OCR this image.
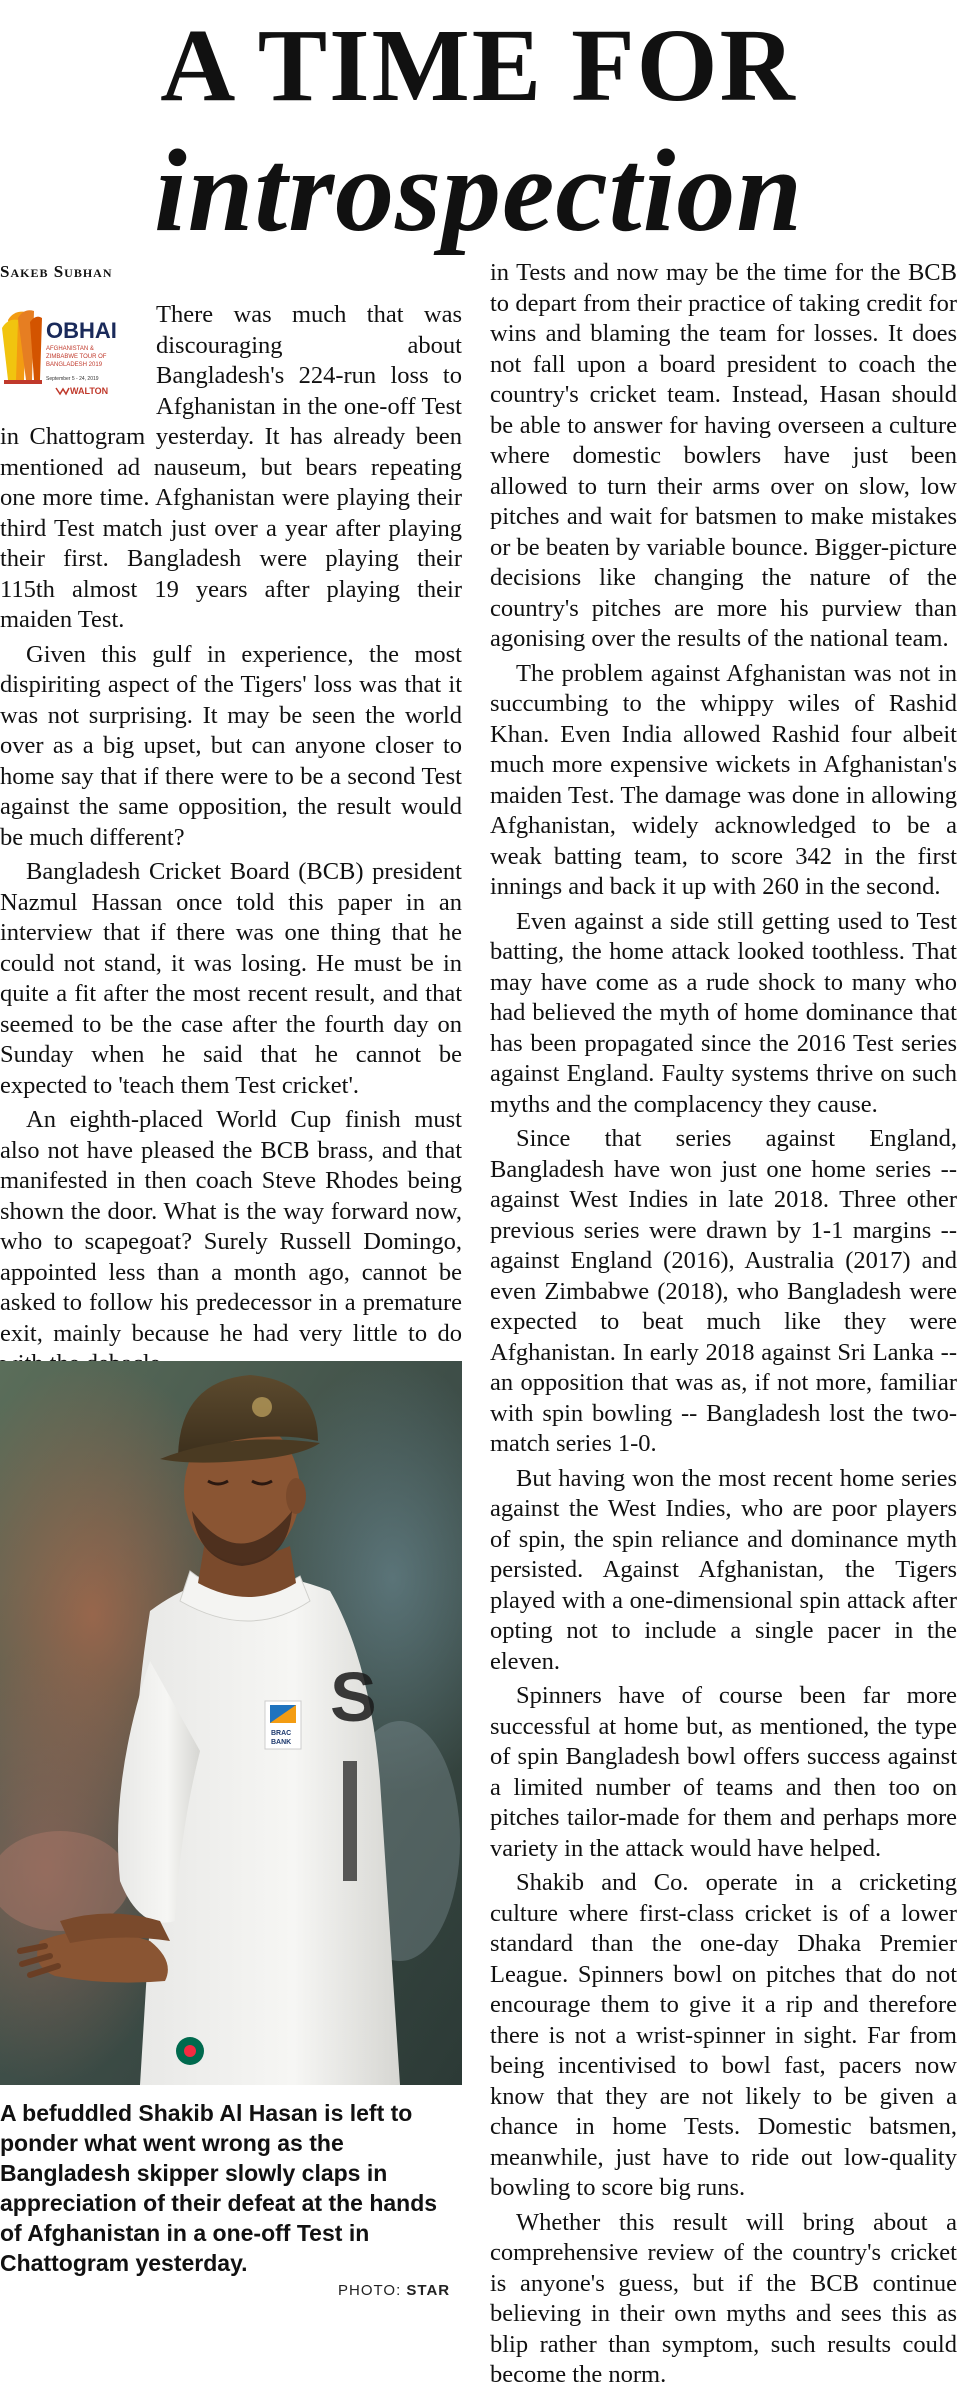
A TIME FOR
introspection
Sakeb Subhan
OBHAI
AFGHANISTAN & ZIMBABWE TOUR OF BANGLADESH 2019
September 5 - 24, 2019
WALTON

There was much that was discouraging about Bangladesh's 224-run loss to Afghanistan in the one-off Test in Chattogram yesterday. It has already been mentioned ad nauseum, but bears repeating one more time. Afghanistan were playing their third Test match just over a year after playing their first. Bangladesh were playing their 115th almost 19 years after playing their maiden Test.

Given this gulf in experience, the most dispiriting aspect of the Tigers' loss was that it was not surprising. It may be seen the world over as a big upset, but can anyone closer to home say that if there were to be a second Test against the same opposition, the result would be much different?

Bangladesh Cricket Board (BCB) president Nazmul Hassan once told this paper in an interview that if there was one thing that he could not stand, it was losing. He must be in quite a fit after the most recent result, and that seemed to be the case after the fourth day on Sunday when he said that he cannot be expected to 'teach them Test cricket'.

An eighth-placed World Cup finish must also not have pleased the BCB brass, and that manifested in then coach Steve Rhodes being shown the door. What is the way forward now, who to scapegoat? Surely Russell Domingo, appointed less than a month ago, cannot be asked to follow his predecessor in a premature exit, mainly because he had very little to do

in Tests and now may be the time for the BCB to depart from their practice of taking credit for wins and blaming the team for losses. It does not fall upon a board president to coach the country's cricket team. Instead, Hasan should be able to answer for having overseen a culture where domestic bowlers have just been allowed to turn their arms over on slow, low pitches and wait for batsmen to make mistakes or be beaten by variable bounce. Bigger-picture decisions like changing the nature of the country's pitches are more his purview than agonising over the results of the national team.

The problem against Afghanistan was not in succumbing to the whippy wiles of Rashid Khan. Even India allowed Rashid four albeit much more expensive wickets in Afghanistan's maiden Test. The damage was done in allowing Afghanistan, widely acknowledged to be a weak batting team, to score 342 in the first innings and back it up with 260 in the second.

Even against a side still getting used to Test batting, the home attack looked toothless. That may have come as a rude shock to many who had believed the myth of home dominance that has been propagated since the 2016 Test series against England. Faulty systems thrive on such myths and the complacency they cause.

Since that series against England, Bangladesh have won just one home series -- against West Indies in late 2018. Three other previous series were drawn by 1-1 margins -- against England (2016), Australia (2017) and even Zimbabwe (2018), who Bangladesh were expected to beat much like they were Afghanistan. In early 2018 against Sri Lanka -- an opposition that was as, if not more, familiar with spin bowling -- Bangladesh lost the two-match series 1-0.

But having won the most recent home series against the West Indies, who are poor players of spin, the spin reliance and dominance myth persisted. Against Afghanistan, the Tigers played with a one-dimensional spin attack after opting not to include a single pacer in the eleven.

Spinners have of course been far more successful at home but, as mentioned, the type of spin Bangladesh bowl offers success against a limited number of teams and then too on pitches tailor-made for them and perhaps more variety in the attack would have helped.

Shakib and Co. operate in a cricketing culture where first-class cricket is of a lower standard than the one-day Dhaka Premier League. Spinners bowl on pitches that do not encourage them to give it a rip and therefore there is not a wrist-spinner in sight. Far from being incentivised to bowl fast, pacers now know that they are not likely to be given a chance in home Tests. Domestic batsmen, meanwhile, just have to ride out low-quality bowling to score big runs.

Whether this result will bring about a comprehensive review of the country's cricket is anyone's guess, but if the BCB continue believing in their own myths and sees this as blip rather than symptom, such results could become the norm.

S
BRAC
BANK
A befuddled Shakib Al Hasan is left to ponder what went wrong as the Bangladesh skipper slowly claps in appreciation of their defeat at the hands of Afghanistan in a one-off Test in Chattogram yesterday.
PHOTO: STAR
